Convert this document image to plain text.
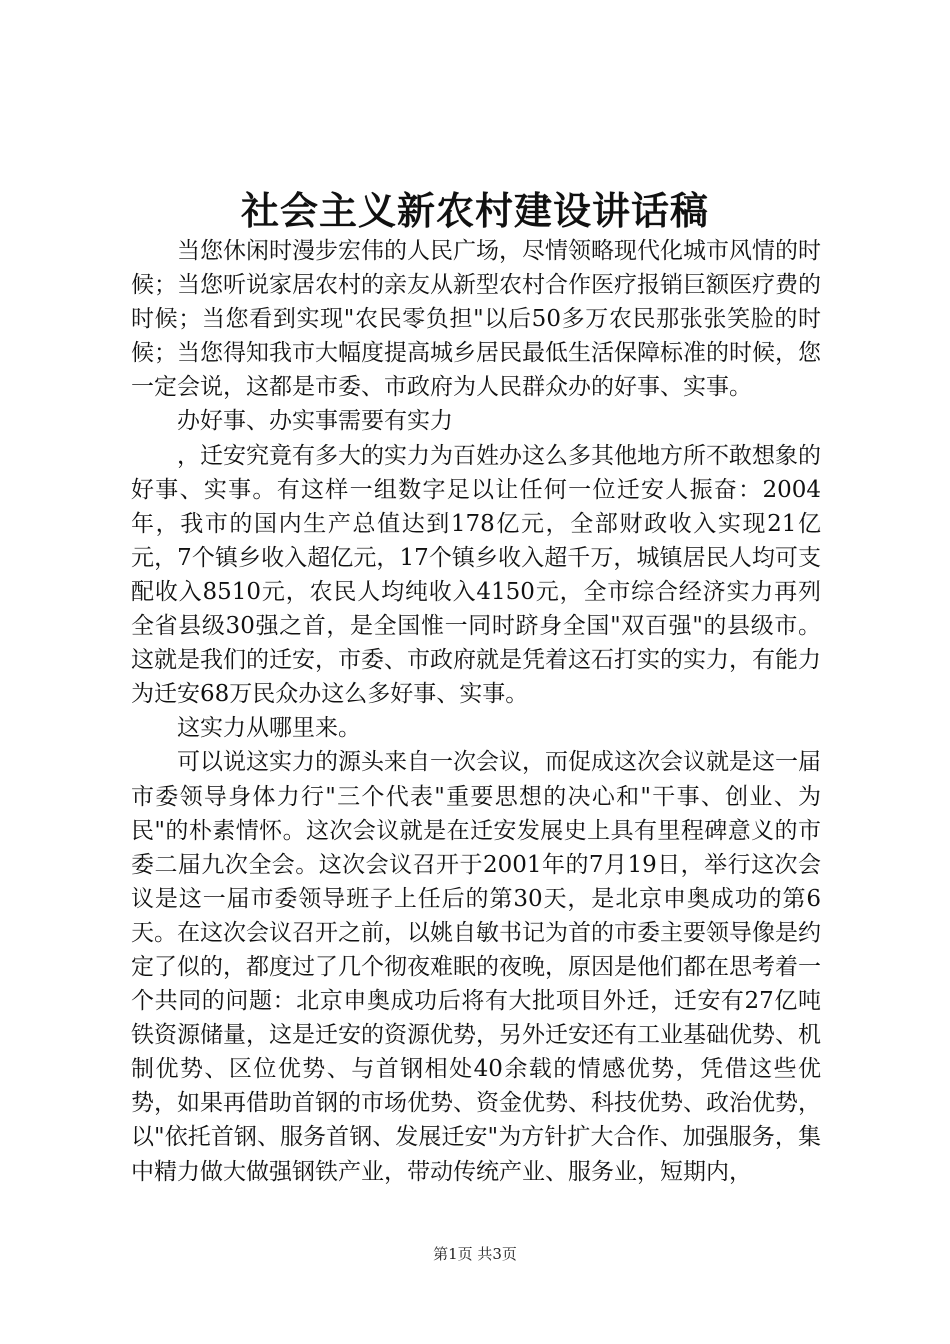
社会主义新农村建设讲话稿

当您休闲时漫步宏伟的人民广场，尽情领略现代化城市风情的时候；当您听说家居农村的亲友从新型农村合作医疗报销巨额医疗费的时候；当您看到实现"农民零负担"以后50多万农民那张张笑脸的时候；当您得知我市大幅度提高城乡居民最低生活保障标准的时候，您一定会说，这都是市委、市政府为人民群众办的好事、实事。

办好事、办实事需要有实力

，迁安究竟有多大的实力为百姓办这么多其他地方所不敢想象的好事、实事。有这样一组数字足以让任何一位迁安人振奋：2004年，我市的国内生产总值达到178亿元，全部财政收入实现21亿元，7个镇乡收入超亿元，17个镇乡收入超千万，城镇居民人均可支配收入8510元，农民人均纯收入4150元，全市综合经济实力再列全省县级30强之首，是全国惟一同时跻身全国"双百强"的县级市。这就是我们的迁安，市委、市政府就是凭着这石打实的实力，有能力为迁安68万民众办这么多好事、实事。

这实力从哪里来。

可以说这实力的源头来自一次会议，而促成这次会议就是这一届市委领导身体力行"三个代表"重要思想的决心和"干事、创业、为民"的朴素情怀。这次会议就是在迁安发展史上具有里程碑意义的市委二届九次全会。这次会议召开于2001年的7月19日，举行这次会议是这一届市委领导班子上任后的第30天，是北京申奥成功的第6天。在这次会议召开之前，以姚自敏书记为首的市委主要领导像是约定了似的，都度过了几个彻夜难眠的夜晚，原因是他们都在思考着一个共同的问题：北京申奥成功后将有大批项目外迁，迁安有27亿吨铁资源储量，这是迁安的资源优势，另外迁安还有工业基础优势、机制优势、区位优势、与首钢相处40余载的情感优势，凭借这些优势，如果再借助首钢的市场优势、资金优势、科技优势、政治优势，以"依托首钢、服务首钢、发展迁安"为方针扩大合作、加强服务，集中精力做大做强钢铁产业，带动传统产业、服务业，短期内，

第1页 共3页
